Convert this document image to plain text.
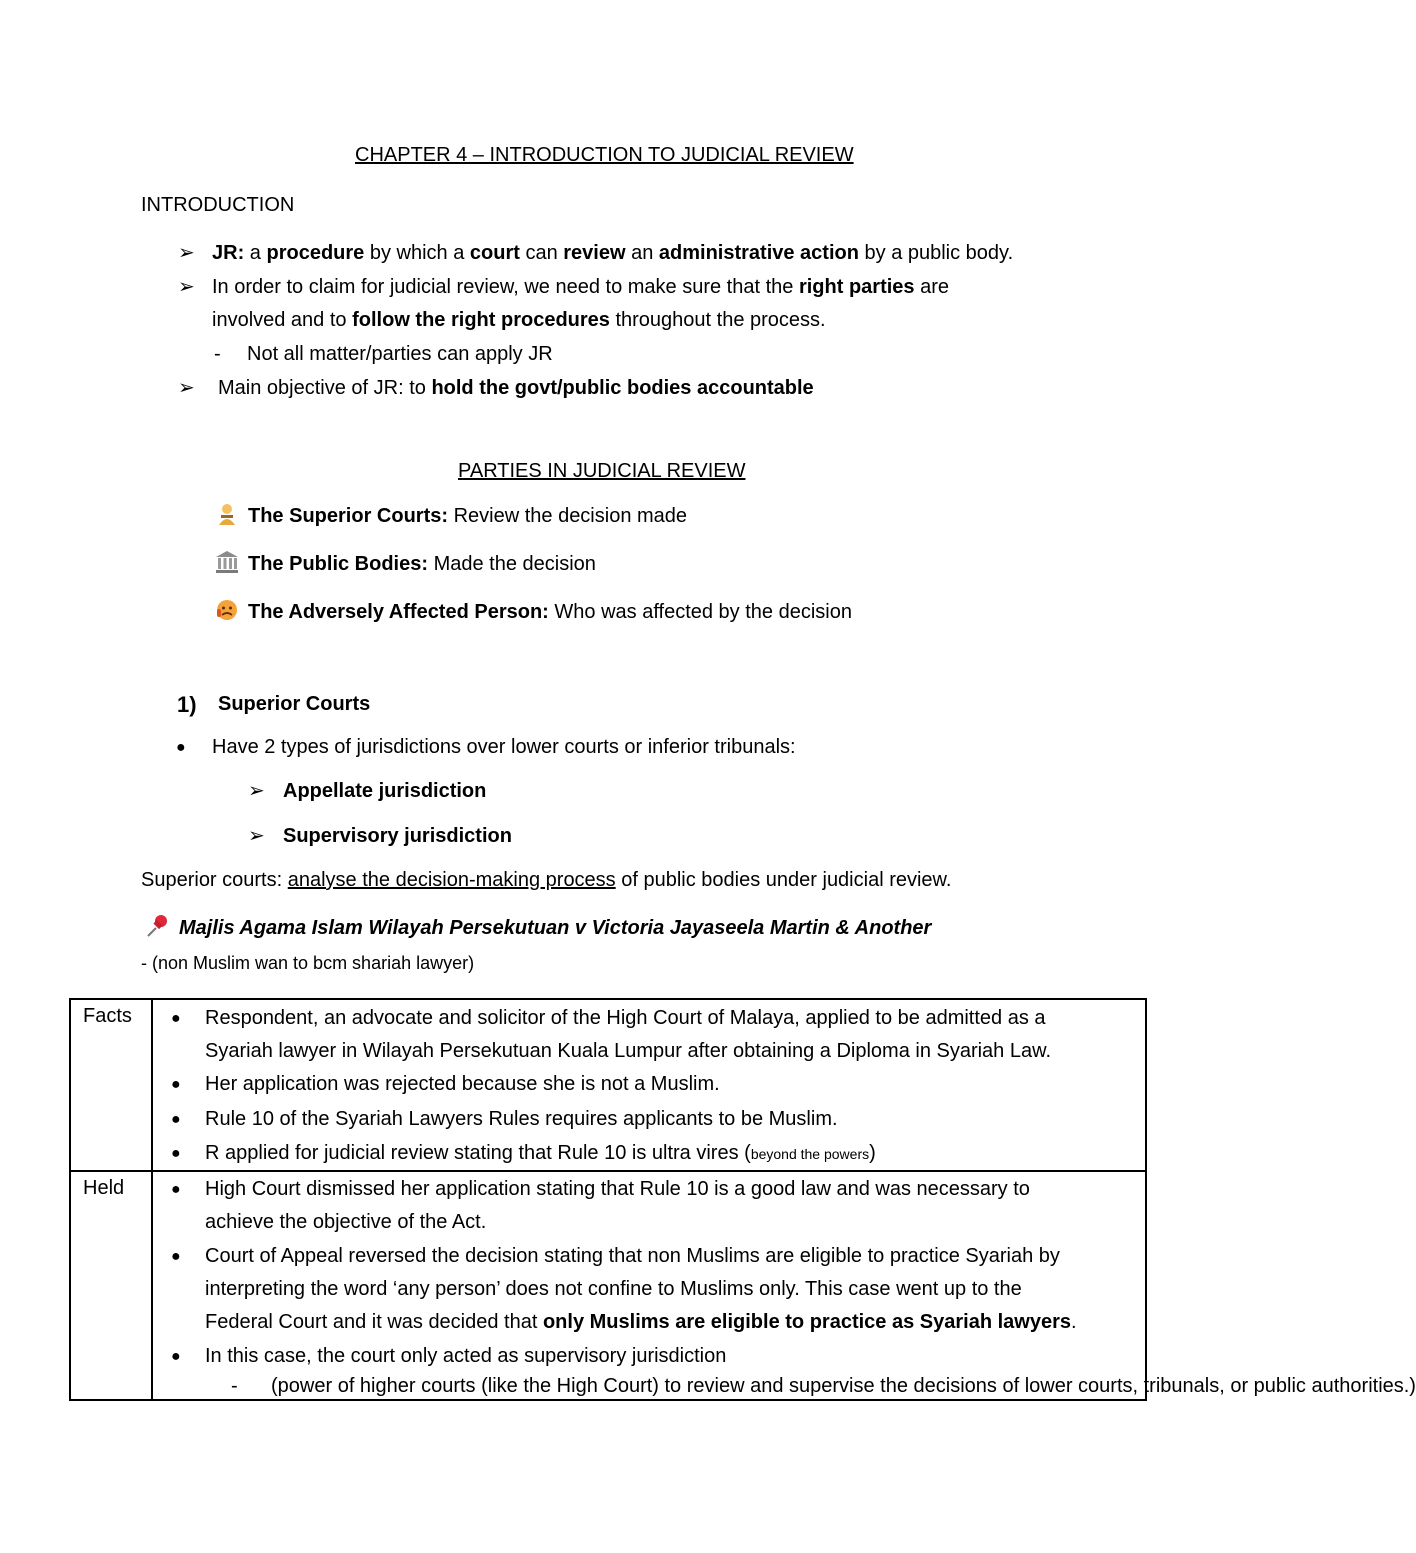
CHAPTER 4 – INTRODUCTION TO JUDICIAL REVIEW
INTRODUCTION
➢ JR: a procedure by which a court can review an administrative action by a public body.
➢ In order to claim for judicial review, we need to make sure that the right parties are
involved and to follow the right procedures throughout the process.
- Not all matter/parties can apply JR
➢ Main objective of JR: to hold the govt/public bodies accountable
PARTIES IN JUDICIAL REVIEW
The Superior Courts: Review the decision made
The Public Bodies: Made the decision
The Adversely Affected Person: Who was affected by the decision
1) Superior Courts
● Have 2 types of jurisdictions over lower courts or inferior tribunals:
➢ Appellate jurisdiction
➢ Supervisory jurisdiction
Superior courts: analyse the decision-making process of public bodies under judicial review.
Majlis Agama Islam Wilayah Persekutuan v Victoria Jayaseela Martin & Another
- (non Muslim wan to bcm shariah lawyer)
Facts ● Respondent, an advocate and solicitor of the High Court of Malaya, applied to be admitted as a
Syariah lawyer in Wilayah Persekutuan Kuala Lumpur after obtaining a Diploma in Syariah Law.
● Her application was rejected because she is not a Muslim.
● Rule 10 of the Syariah Lawyers Rules requires applicants to be Muslim.
● R applied for judicial review stating that Rule 10 is ultra vires (beyond the powers)
Held	● High Court dismissed her application stating that Rule 10 is a good law and was necessary to
achieve the objective of the Act.
● Court of Appeal reversed the decision stating that non Muslims are eligible to practice Syariah by
interpreting the word ‘any person’ does not confine to Muslims only. This case went up to the
Federal Court and it was decided that only Muslims are eligible to practice as Syariah lawyers.
● In this case, the court only acted as supervisory jurisdiction
- (power of higher courts (like the High Court) to review and supervise the decisions of lower courts, tribunals, or public authorities.)
